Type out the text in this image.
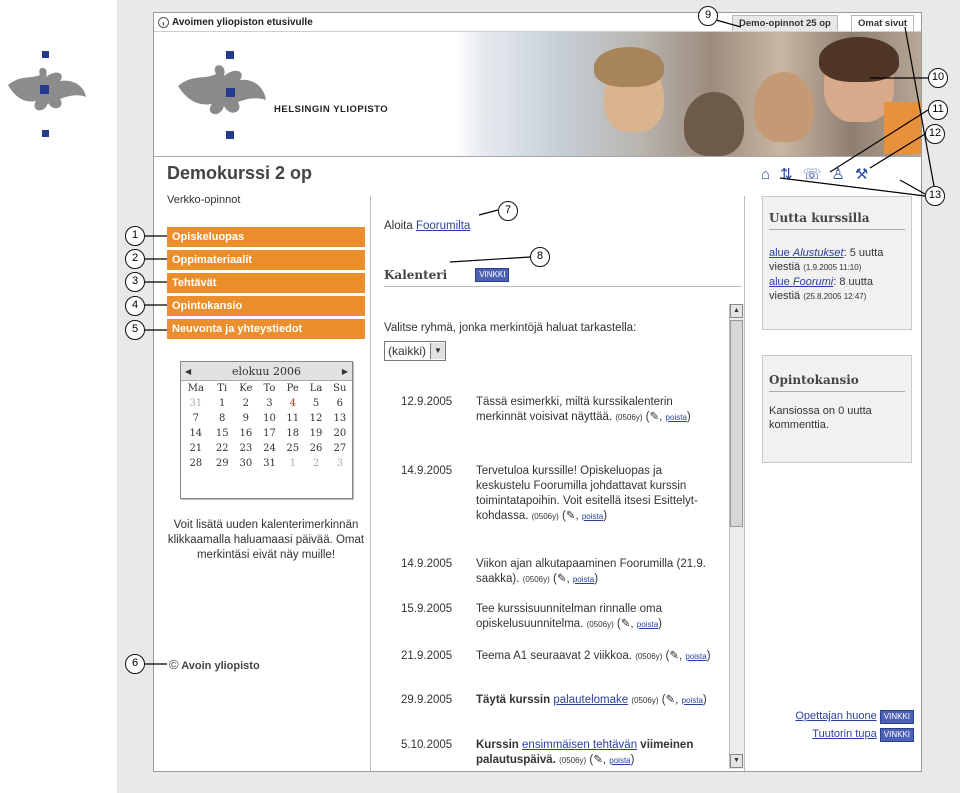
‹ Avoimen yliopiston etusivulle	Demo-opinnot 25 op	Omat sivut
HELSINGIN YLIOPISTO
Demokurssi 2 op
Verkko-opinnot
⌂ ⇅ ☏ ♙ ⚒
Opiskeluopas
Oppimateriaalit
Tehtävät
Opintokansio
Neuvonta ja yhteystiedot
◀	elokuu 2006	▶
Ma	Ti	Ke	To	Pe	La	Su
31	1	2	3	4	5	6
7	8	9	10	11	12	13
14	15	16	17	18	19	20
21	22	23	24	25	26	27
28	29	30	31	1	2	3
Voit lisätä uuden kalenterimerkinnän klikkaamalla haluamaasi päivää. Omat merkintäsi eivät näy muille!
© Avoin yliopisto
Aloita Foorumilta
Kalenteri	VINKKI
Valitse ryhmä, jonka merkintöjä haluat tarkastella:
(kaikki)	▼
12.9.2005 Tässä esimerkki, miltä kurssikalenterin merkinnät voisivat näyttää. (0506y) (✎, poista)
14.9.2005 Tervetuloa kurssille! Opiskeluopas ja keskustelu Foorumilla johdattavat kurssin toimintatapoihin. Voit esitellä itsesi Esittelyt-kohdassa. (0506y) (✎, poista)
14.9.2005 Viikon ajan alkutapaaminen Foorumilla (21.9. saakka). (0506y) (✎, poista)
15.9.2005 Tee kurssisuunnitelman rinnalle oma opiskelusuunnitelma. (0506y) (✎, poista)
21.9.2005 Teema A1 seuraavat 2 viikkoa. (0506y) (✎, poista)
29.9.2005 Täytä kurssin palautelomake (0506y) (✎, poista)
5.10.2005 Kurssin ensimmäisen tehtävän viimeinen palautuspäivä. (0506y) (✎, poista)
▲
▼
Uutta kurssilla
alue Alustukset: 5 uutta viestiä (1.9.2005 11:10)
alue Foorumi: 8 uutta viestiä (25.8.2005 12:47)
Opintokansio
Kansiossa on 0 uutta kommenttia.
Opettajan huone VINKKI
Tuutorin tupa VINKKI
1
2
3
4
5
6
7
8
9
10
11
12
13
